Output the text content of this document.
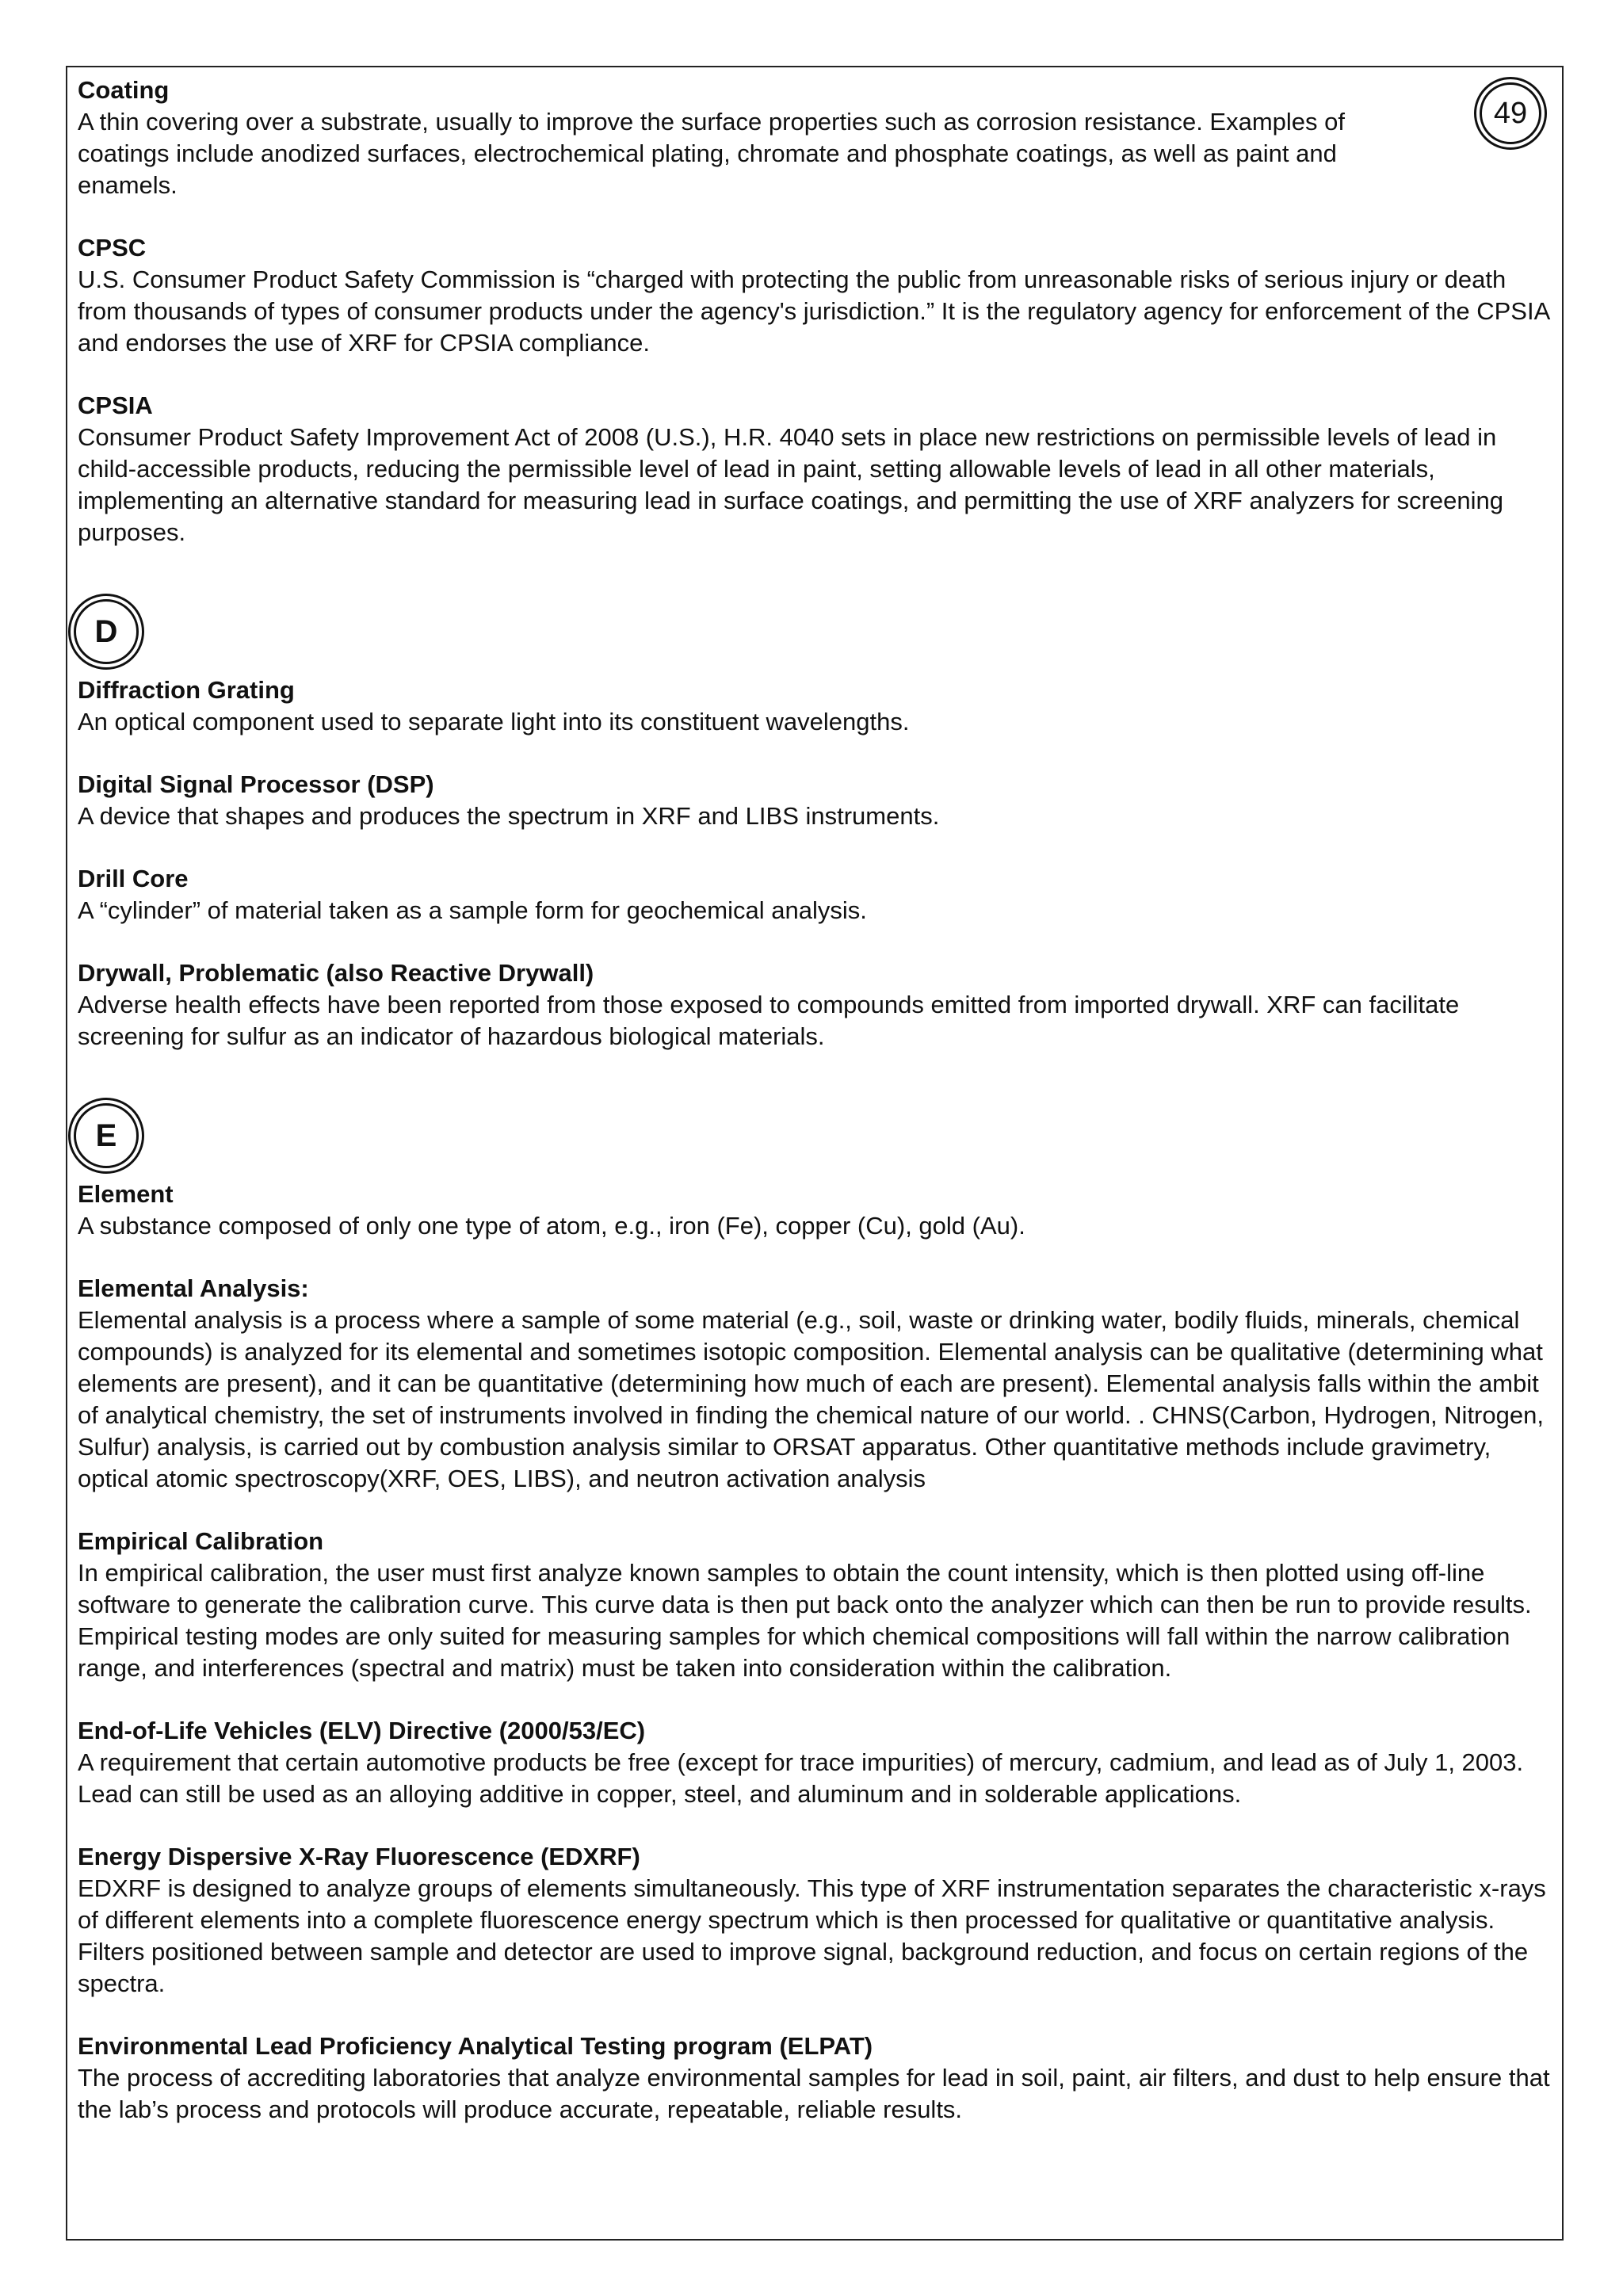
49

Coating

A thin covering over a substrate, usually to improve the surface properties such as corrosion resistance. Examples of coatings include anodized surfaces, electrochemical plating, chromate and phosphate coatings, as well as paint and enamels.

CPSC

U.S. Consumer Product Safety Commission is “charged with protecting the public from unreasonable risks of serious injury or death from thousands of types of consumer products under the agency's jurisdiction.” It is the regulatory agency for enforcement of the CPSIA and endorses the use of XRF for CPSIA compliance.

CPSIA

Consumer Product Safety Improvement Act of 2008 (U.S.), H.R. 4040 sets in place new restrictions on permissible levels of lead in child-accessible products, reducing the permissible level of lead in paint, setting allowable levels of lead in all other materials, implementing an alternative standard for measuring lead in surface coatings, and permitting the use of XRF analyzers for screening purposes.

D

Diffraction Grating

An optical component used to separate light into its constituent wavelengths.

Digital Signal Processor (DSP)

A device that shapes and produces the spectrum in XRF and LIBS instruments.

Drill Core

A “cylinder” of material taken as a sample form for geochemical analysis.

Drywall, Problematic (also Reactive Drywall)

Adverse health effects have been reported from those exposed to compounds emitted from imported drywall. XRF can facilitate screening for sulfur as an indicator of hazardous biological materials.

E

Element

A substance composed of only one type of atom, e.g., iron (Fe), copper (Cu), gold (Au).

Elemental Analysis:

Elemental analysis is a process where a sample of some material (e.g., soil, waste or drinking water, bodily fluids, minerals, chemical compounds) is analyzed for its elemental and sometimes isotopic composition. Elemental analysis can be qualitative (determining what elements are present), and it can be quantitative (determining how much of each are present). Elemental analysis falls within the ambit of analytical chemistry, the set of instruments involved in finding the chemical nature of our world. . CHNS(Carbon, Hydrogen, Nitrogen, Sulfur) analysis, is carried out by combustion analysis similar to ORSAT apparatus. Other quantitative methods include gravimetry, optical atomic spectroscopy(XRF, OES, LIBS), and neutron activation analysis

Empirical Calibration

In empirical calibration, the user must first analyze known samples to obtain the count intensity, which is then plotted using off-line software to generate the calibration curve. This curve data is then put back onto the analyzer which can then be run to provide results. Empirical testing modes are only suited for measuring samples for which chemical compositions will fall within the narrow calibration range, and interferences (spectral and matrix) must be taken into consideration within the calibration.

End-of-Life Vehicles (ELV) Directive (2000/53/EC)

A requirement that certain automotive products be free (except for trace impurities) of mercury, cadmium, and lead as of July 1, 2003. Lead can still be used as an alloying additive in copper, steel, and aluminum and in solderable applications.

Energy Dispersive X-Ray Fluorescence (EDXRF)

EDXRF is designed to analyze groups of elements simultaneously. This type of XRF instrumentation separates the characteristic x-rays of different elements into a complete fluorescence energy spectrum which is then processed for qualitative or quantitative analysis. Filters positioned between sample and detector are used to improve signal, background reduction, and focus on certain regions of the spectra.

Environmental Lead Proficiency Analytical Testing program (ELPAT)

The process of accrediting laboratories that analyze environmental samples for lead in soil, paint, air filters, and dust to help ensure that the lab’s process and protocols will produce accurate, repeatable, reliable results.
